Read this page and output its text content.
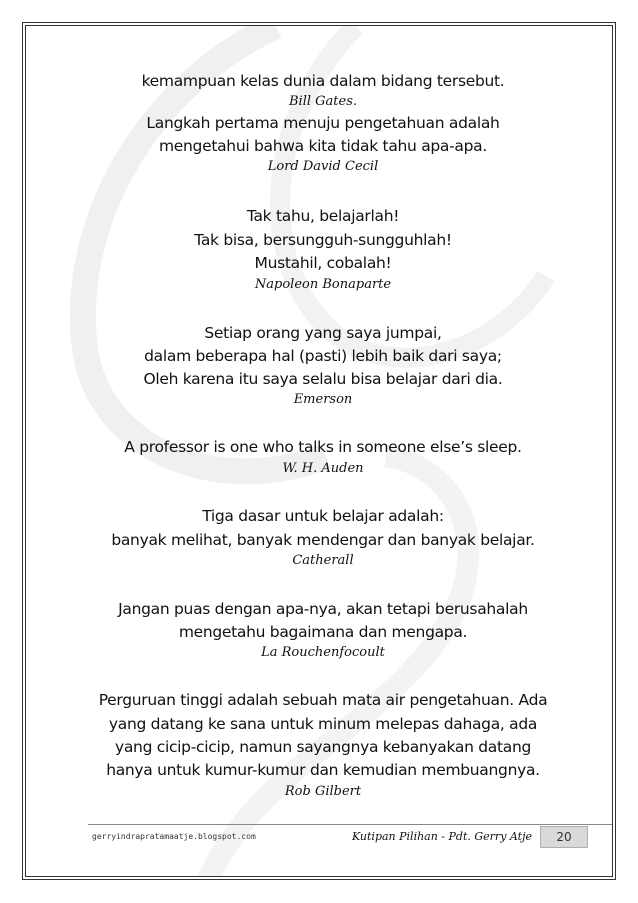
kemampuan kelas dunia dalam bidang tersebut.
Bill Gates.
Langkah pertama menuju pengetahuan adalah
mengetahui bahwa kita tidak tahu apa-apa.
Lord David Cecil
Tak tahu, belajarlah!
Tak bisa, bersungguh-sungguhlah!
Mustahil, cobalah!
Napoleon Bonaparte
Setiap orang yang saya jumpai,
dalam beberapa hal (pasti) lebih baik dari saya;
Oleh karena itu saya selalu bisa belajar dari dia.
Emerson
A professor is one who talks in someone else’s sleep.
W. H. Auden
Tiga dasar untuk belajar adalah:
banyak melihat, banyak mendengar dan banyak belajar.
Catherall
Jangan puas dengan apa-nya, akan tetapi berusahalah
mengetahu bagaimana dan mengapa.
La Rouchenfocoult
Perguruan tinggi adalah sebuah mata air pengetahuan. Ada
yang datang ke sana untuk minum melepas dahaga, ada
yang cicip-cicip, namun sayangnya kebanyakan datang
hanya untuk kumur-kumur dan kemudian membuangnya.
Rob Gilbert
gerryindrapratamaatje.blogspot.com	Kutipan Pilihan - Pdt. Gerry Atje	20
